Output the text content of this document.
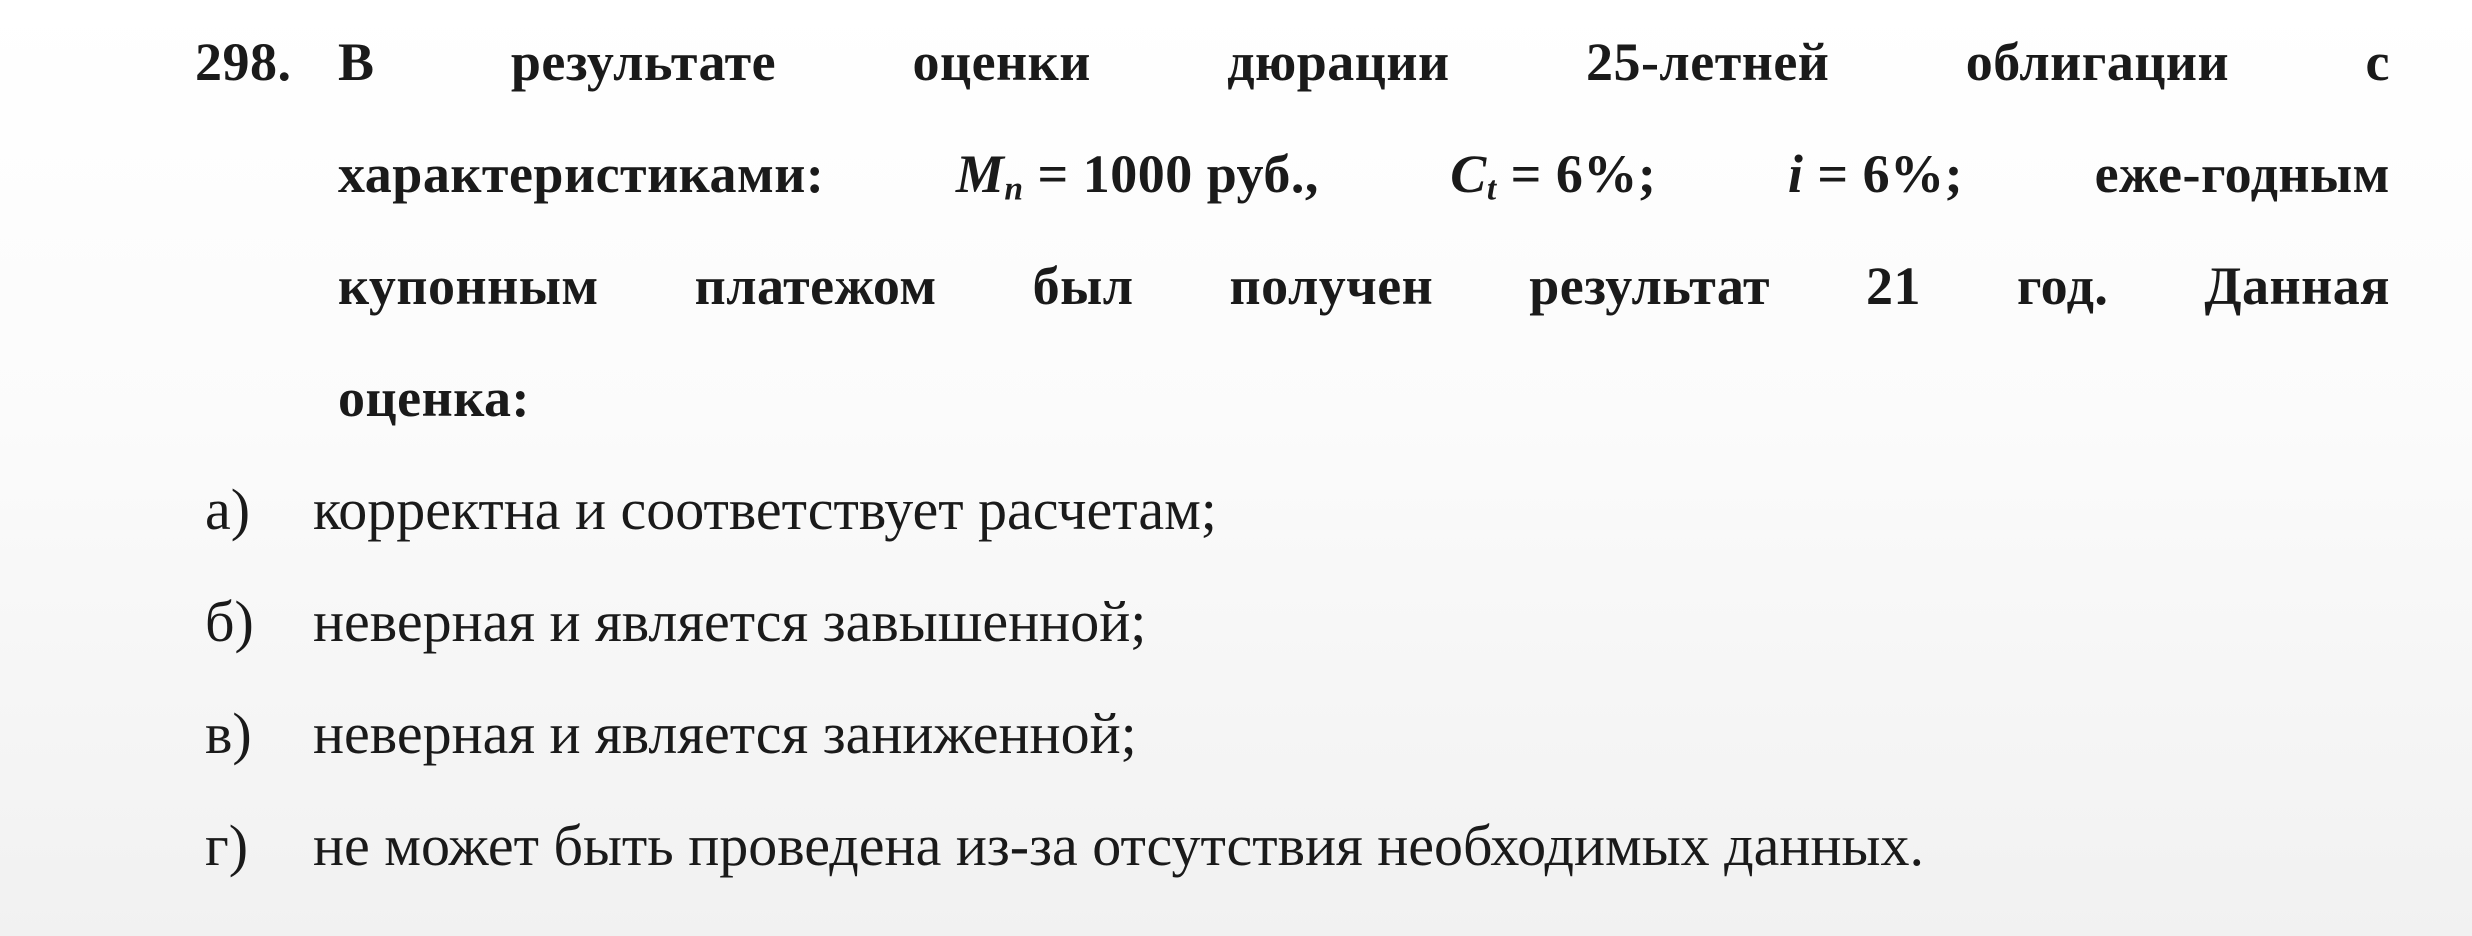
298. В	результате	оценки	дюрации	25-летней	облигации	с
характеристиками: $M_n = 1000$ руб., $C_t = 6\%$; i = 6%; еже-годным
купонным платежом был получен результат 21 год. Данная
оценка:
а) корректна и соответствует расчетам;
б) неверная и является завышенной;
в) неверная и является заниженной;
г) не может быть проведена из-за отсутствия необходимых данных.
